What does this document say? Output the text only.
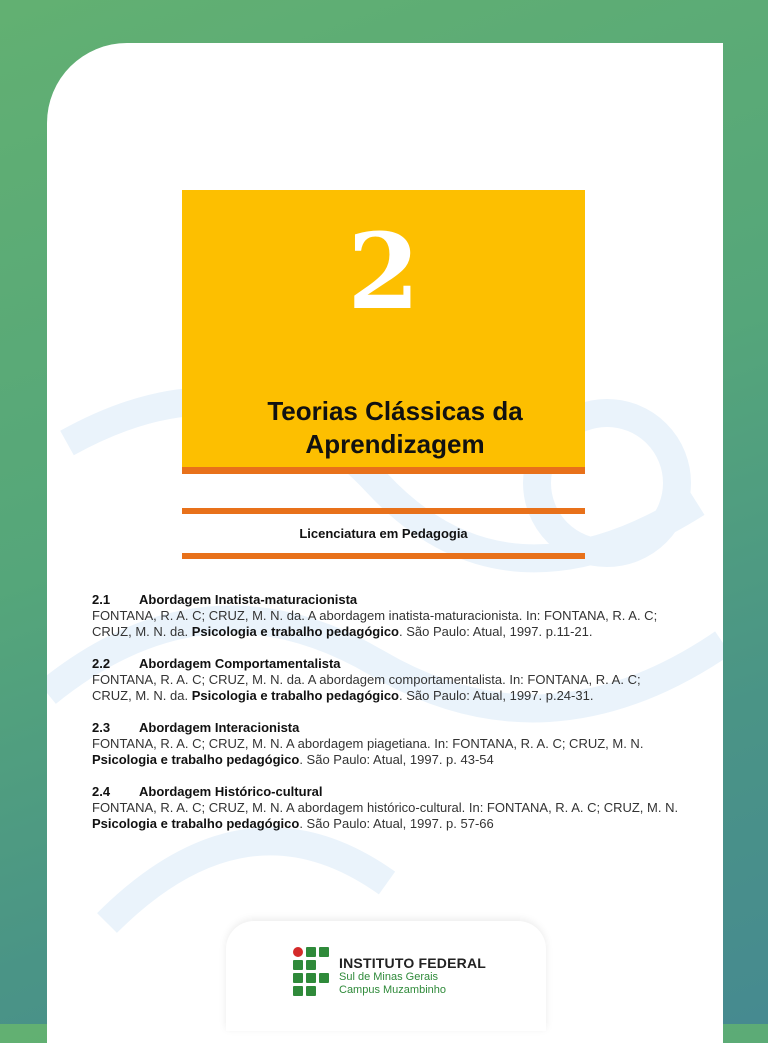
2
Teorias Clássicas da
Aprendizagem
Licenciatura em Pedagogia
2.1 Abordagem Inatista-maturacionista
FONTANA, R. A. C; CRUZ, M. N. da. A abordagem inatista-maturacionista. In: FONTANA, R. A. C; CRUZ, M. N. da. Psicologia e trabalho pedagógico. São Paulo: Atual, 1997. p.11-21.
2.2 Abordagem Comportamentalista
FONTANA, R. A. C; CRUZ, M. N. da. A abordagem comportamentalista. In: FONTANA, R. A. C; CRUZ, M. N. da. Psicologia e trabalho pedagógico. São Paulo: Atual, 1997. p.24-31.
2.3 Abordagem Interacionista
FONTANA, R. A. C; CRUZ, M. N. A abordagem piagetiana. In: FONTANA, R. A. C; CRUZ, M. N. Psicologia e trabalho pedagógico. São Paulo: Atual, 1997. p. 43-54
2.4 Abordagem Histórico-cultural
FONTANA, R. A. C; CRUZ, M. N. A abordagem histórico-cultural. In: FONTANA, R. A. C; CRUZ, M. N. Psicologia e trabalho pedagógico. São Paulo: Atual, 1997. p. 57-66
INSTITUTO FEDERAL
Sul de Minas Gerais
Campus Muzambinho
